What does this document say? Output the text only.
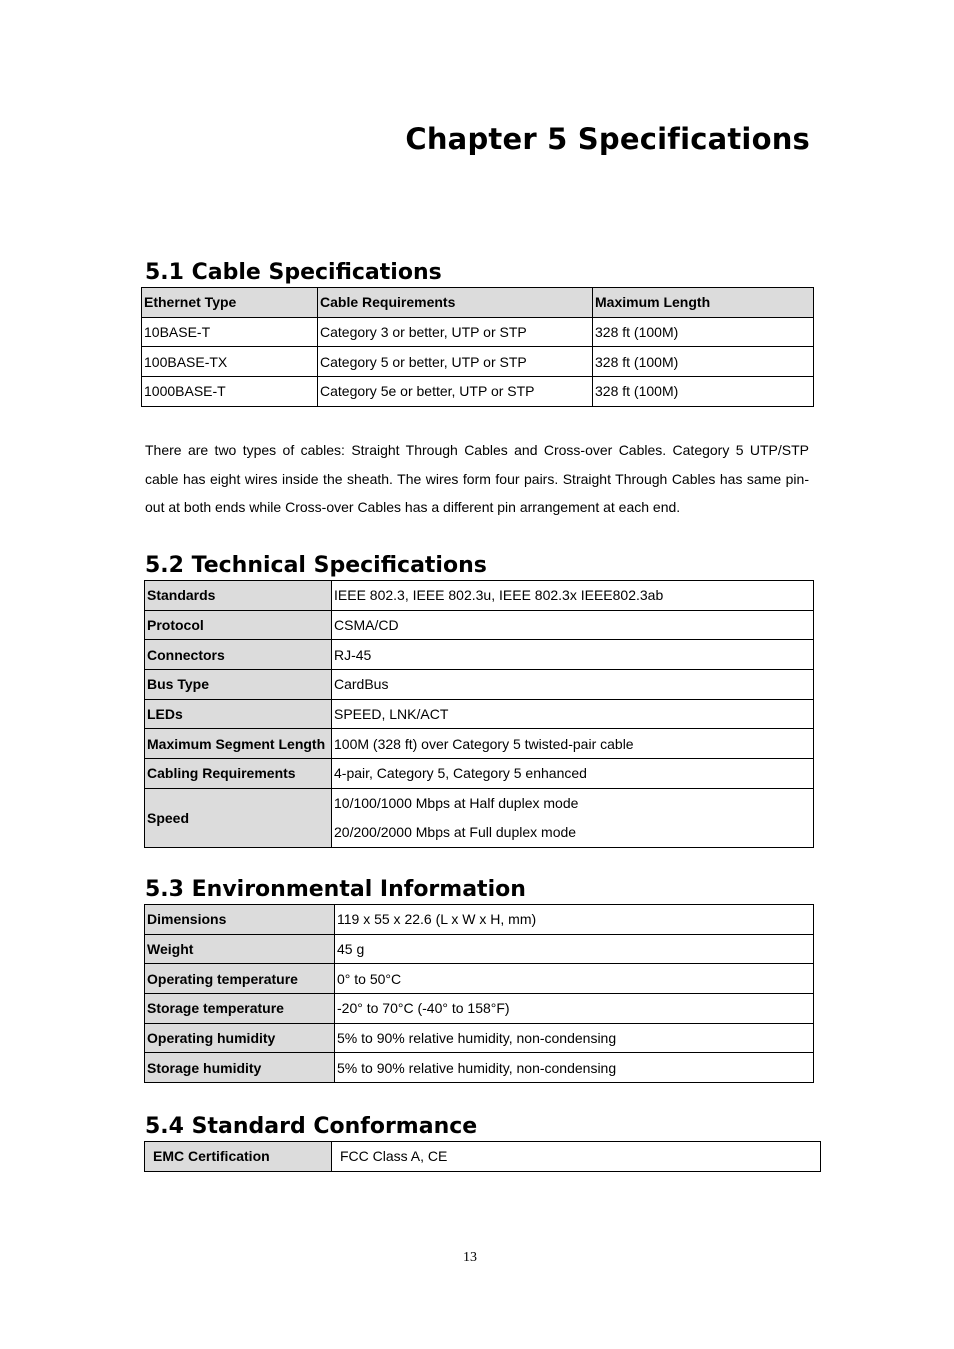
Chapter 5 Specifications
5.1 Cable Specifications
Ethernet Type	Cable Requirements	Maximum Length
10BASE-T	Category 3 or better, UTP or STP	328 ft (100M)
100BASE-TX	Category 5 or better, UTP or STP	328 ft (100M)
1000BASE-T	Category 5e or better, UTP or STP	328 ft (100M)

There are two types of cables: Straight Through Cables and Cross-over Cables. Category 5 UTP/STP cable has eight wires inside the sheath. The wires form four pairs. Straight Through Cables has same pin-out at both ends while Cross-over Cables has a different pin arrangement at each end.

5.2 Technical Specifications
Standards	IEEE 802.3, IEEE 802.3u, IEEE 802.3x IEEE802.3ab
Protocol	CSMA/CD
Connectors	RJ-45
Bus Type	CardBus
LEDs	SPEED, LNK/ACT
Maximum Segment Length	100M (328 ft) over Category 5 twisted-pair cable
Cabling Requirements	4-pair, Category 5, Category 5 enhanced
Speed	10/100/1000 Mbps at Half duplex mode
20/200/2000 Mbps at Full duplex mode
5.3 Environmental Information
Dimensions	119 x 55 x 22.6 (L x W x H, mm)
Weight	45 g
Operating temperature	0° to 50°C
Storage temperature	-20° to 70°C (-40° to 158°F)
Operating humidity	5% to 90% relative humidity, non-condensing
Storage humidity	5% to 90% relative humidity, non-condensing
5.4 Standard Conformance
EMC Certification	FCC Class A, CE
13
